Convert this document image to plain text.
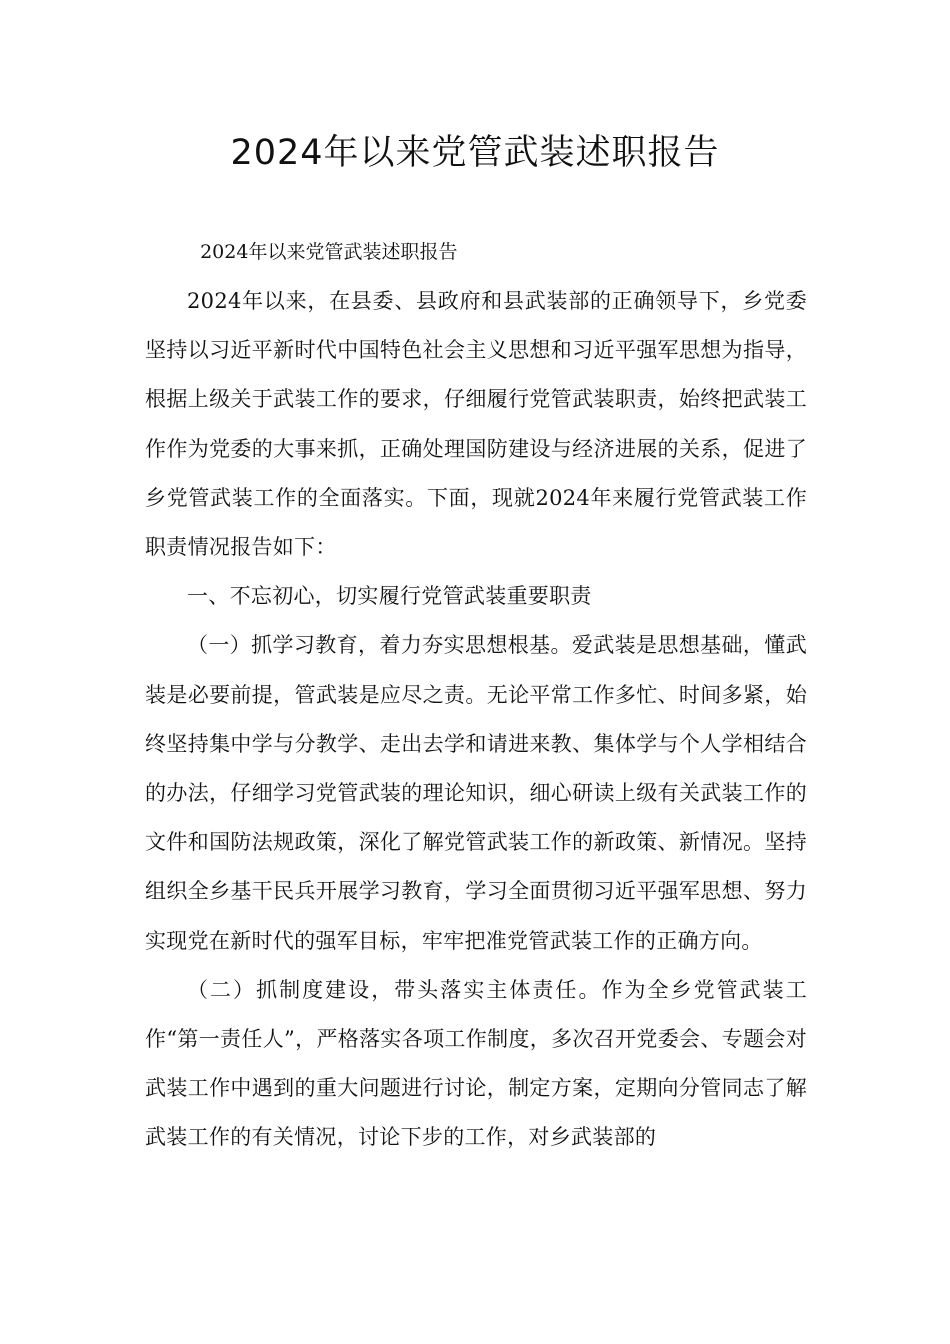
2024年以来党管武装述职报告

2024年以来党管武装述职报告

2024年以来，在县委、县政府和县武装部的正确领导下，乡党委坚持以习近平新时代中国特色社会主义思想和习近平强军思想为指导，根据上级关于武装工作的要求，仔细履行党管武装职责，始终把武装工作作为党委的大事来抓，正确处理国防建设与经济进展的关系，促进了乡党管武装工作的全面落实。下面，现就2024年来履行党管武装工作职责情况报告如下：

一、不忘初心，切实履行党管武装重要职责

（一）抓学习教育，着力夯实思想根基。爱武装是思想基础，懂武装是必要前提，管武装是应尽之责。无论平常工作多忙、时间多紧，始终坚持集中学与分教学、走出去学和请进来教、集体学与个人学相结合的办法，仔细学习党管武装的理论知识，细心研读上级有关武装工作的文件和国防法规政策，深化了解党管武装工作的新政策、新情况。坚持组织全乡基干民兵开展学习教育，学习全面贯彻习近平强军思想、努力实现党在新时代的强军目标，牢牢把准党管武装工作的正确方向。

（二）抓制度建设，带头落实主体责任。作为全乡党管武装工作“第一责任人”，严格落实各项工作制度，多次召开党委会、专题会对武装工作中遇到的重大问题进行讨论，制定方案，定期向分管同志了解武装工作的有关情况，讨论下步的工作，对乡武装部的
